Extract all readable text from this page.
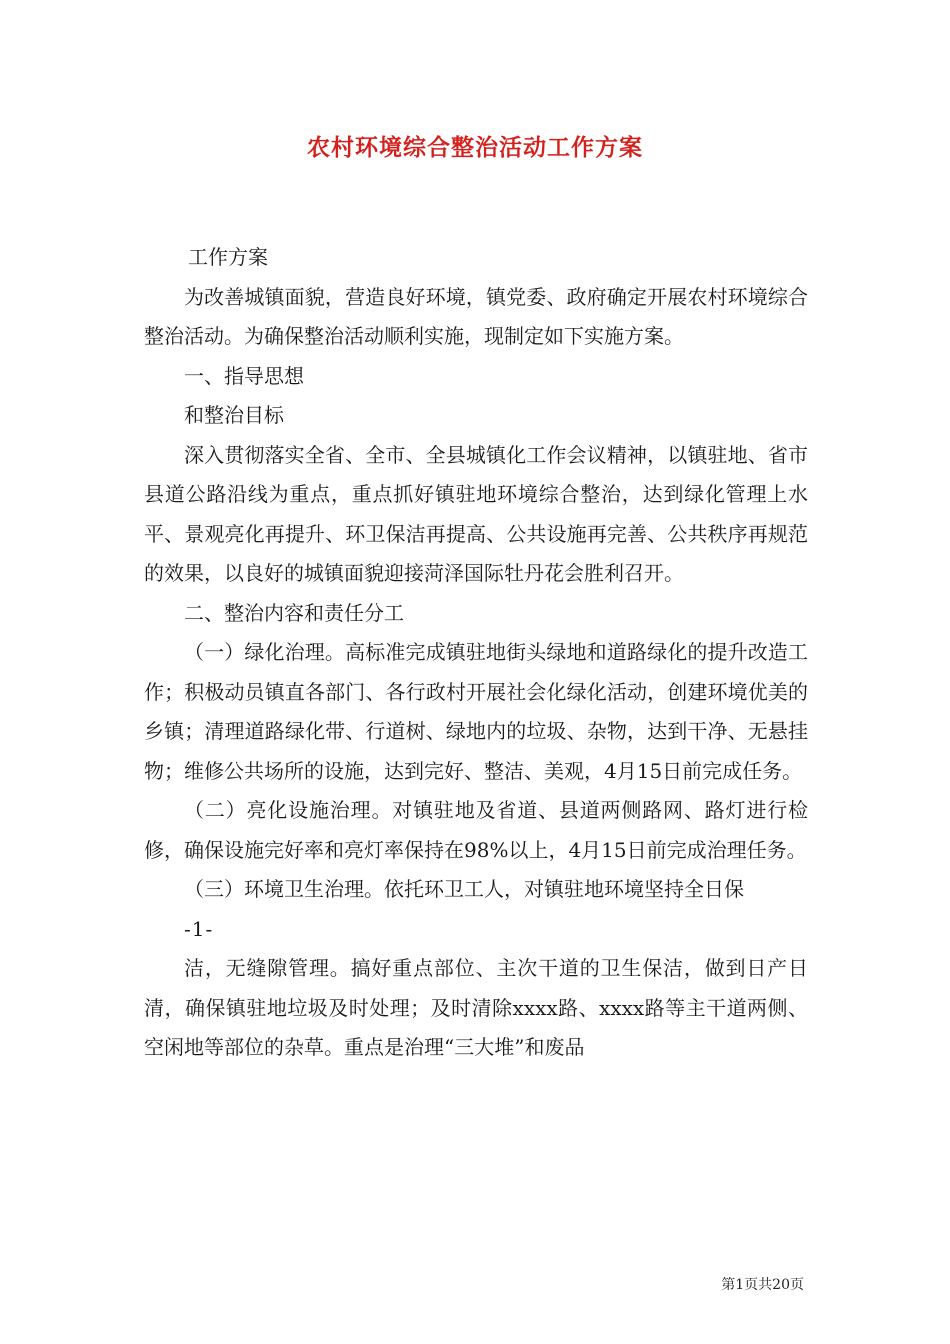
农村环境综合整治活动工作方案

工作方案

为改善城镇面貌，营造良好环境，镇党委、政府确定开展农村环境综合整治活动。为确保整治活动顺利实施，现制定如下实施方案。

一、指导思想

和整治目标

深入贯彻落实全省、全市、全县城镇化工作会议精神，以镇驻地、省市县道公路沿线为重点，重点抓好镇驻地环境综合整治，达到绿化管理上水平、景观亮化再提升、环卫保洁再提高、公共设施再完善、公共秩序再规范的效果，以良好的城镇面貌迎接菏泽国际牡丹花会胜利召开。

二、整治内容和责任分工

（一）绿化治理。高标准完成镇驻地街头绿地和道路绿化的提升改造工作；积极动员镇直各部门、各行政村开展社会化绿化活动，创建环境优美的乡镇；清理道路绿化带、行道树、绿地内的垃圾、杂物，达到干净、无悬挂物；维修公共场所的设施，达到完好、整洁、美观，4月15日前完成任务。

（二）亮化设施治理。对镇驻地及省道、县道两侧路网、路灯进行检修，确保设施完好率和亮灯率保持在98%以上，4月15日前完成治理任务。

（三）环境卫生治理。依托环卫工人，对镇驻地环境坚持全日保

-1-

洁，无缝隙管理。搞好重点部位、主次干道的卫生保洁，做到日产日清，确保镇驻地垃圾及时处理；及时清除xxxx路、xxxx路等主干道两侧、空闲地等部位的杂草。重点是治理“三大堆”和废品

第1页共20页
